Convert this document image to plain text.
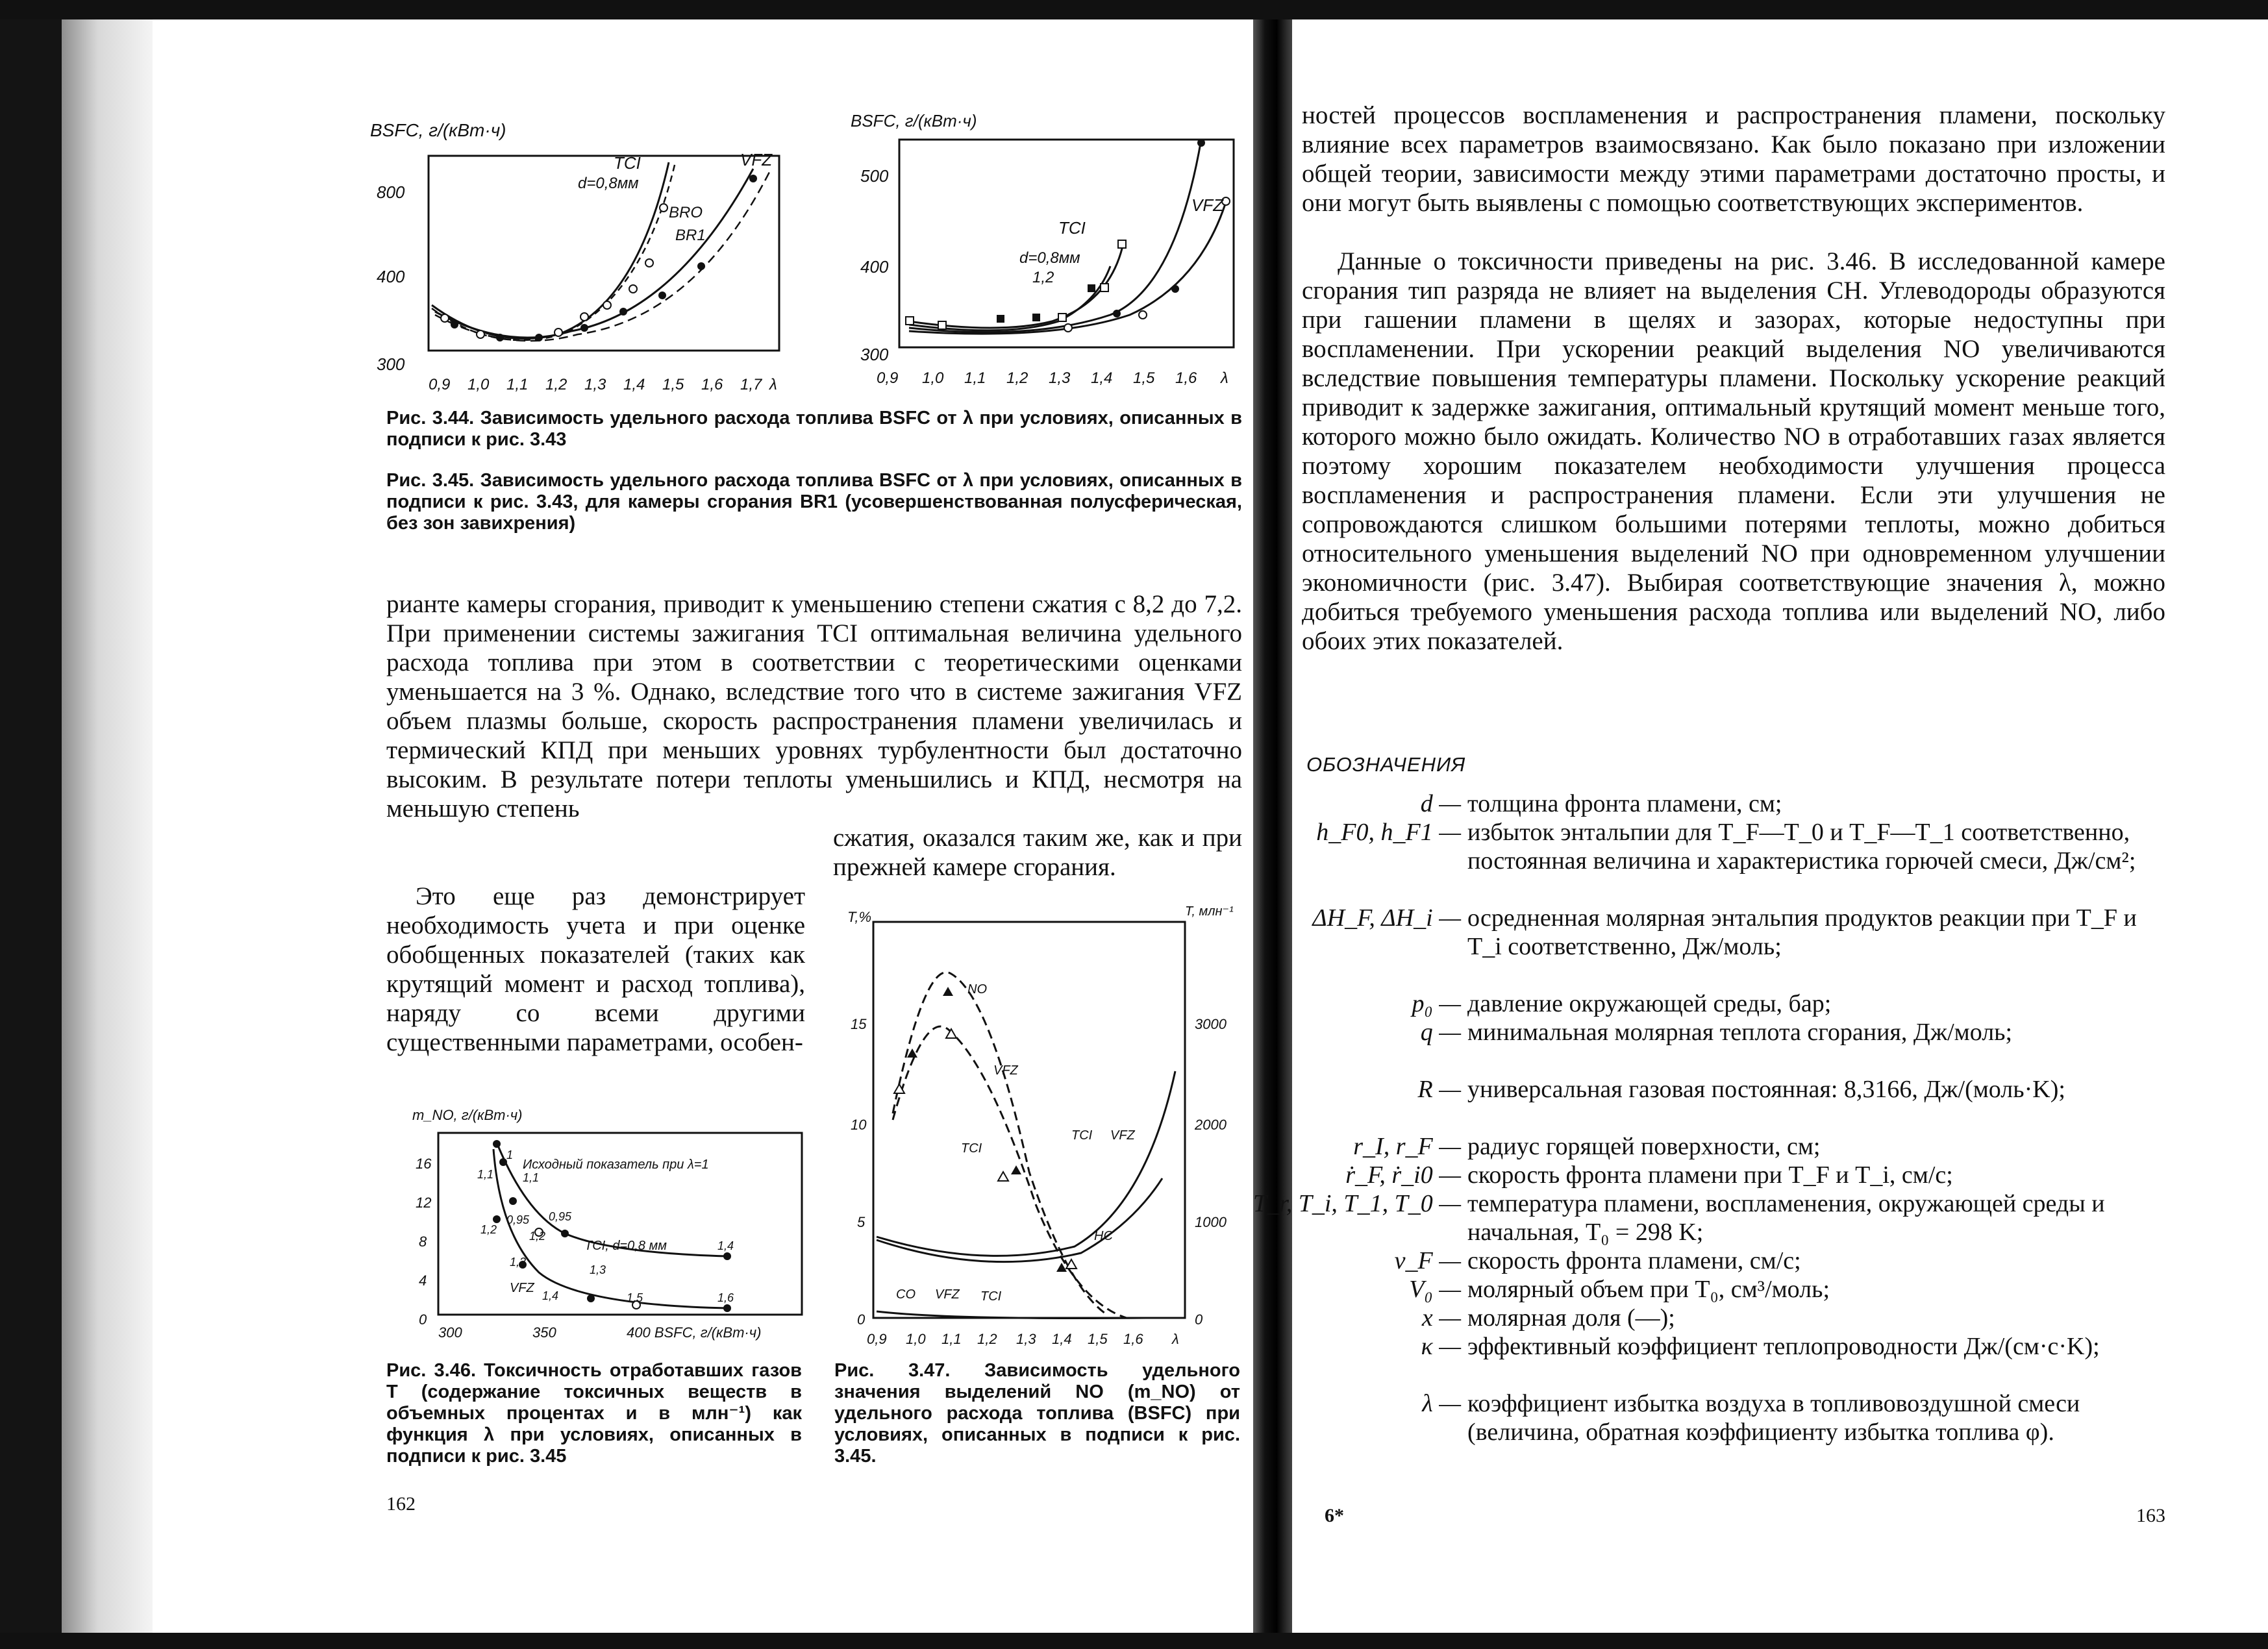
BSFC, г/(кВт·ч)
800
400
300
0,9 1,0 1,1 1,2 1,3 1,4 1,5 1,6 1,7 λ
TCI
d=0,8мм
VFZ
BRO
BR1
BSFC, г/(кВт·ч)
500
400
300
0,9 1,0 1,1 1,2 1,3 1,4 1,5 1,6 λ
TCI
d=0,8мм
1,2
VFZ

Рис. 3.44. Зависимость удельного расхода топлива BSFC от λ при условиях, описанных в подписи к рис. 3.43

Рис. 3.45. Зависимость удельного расхода топлива BSFC от λ при условиях, описанных в подписи к рис. 3.43, для камеры сгорания BR1 (усовершенствованная полусферическая, без зон завихрения)

рианте камеры сгорания, приводит к уменьшению степени сжатия с 8,2 до 7,2. При применении системы зажигания TCI оптимальная величина удельного расхода топлива при этом в соответствии с теоретическими оценками уменьшается на 3 %. Однако, вследствие того что в системе зажигания VFZ объем плазмы больше, скорость распространения пламени увеличилась и термический КПД при меньших уровнях турбулентности был достаточно высоким. В результате потери теплоты уменьшились и КПД, несмотря на меньшую степень
сжатия, оказался таким же, как и при прежней камере сгорания.
Это еще раз демонстрирует необходимость учета и при оценке обобщенных показателей (таких как крутящий момент и расход топлива), наряду со всеми другими существенными параметрами, особен-
m_NO, г/(кВт·ч)
16
12
8
4
0
300	350	400 BSFC, г/(кВт·ч)
Исходный показатель при λ=1
TCI, d=0,8 мм
VFZ
1,1 1,1
1,2
0,95 0,95
1,2
1,3
1,3
1,4
1,4
1,5	1,6
1
T,%	T, млн⁻¹
15
10
5
0
3000
2000
1000
0
0,9 1,0 1,1 1,2 1,3 1,4 1,5 1,6 λ
NO
VFZ
TCI
TCI VFZ
HC
CO VFZ TCI
Рис. 3.46. Токсичность отработавших газов T (содержание токсичных веществ в объемных процентах и в млн⁻¹) как функция λ при условиях, описанных в подписи к рис. 3.45
Рис. 3.47. Зависимость удельного значения выделений NO (m_NO) от удельного расхода топлива (BSFC) при условиях, описанных в подписи к рис. 3.45.
162
ностей процессов воспламенения и распространения пламени, поскольку влияние всех параметров взаимосвязано. Как было показано при изложении общей теории, зависимости между этими параметрами достаточно просты, и они могут быть выявлены с помощью соответствующих экспериментов.
Данные о токсичности приведены на рис. 3.46. В исследованной камере сгорания тип разряда не влияет на выделения CH. Углеводороды образуются при гашении пламени в щелях и зазорах, которые недоступны при воспламенении. При ускорении реакций выделения NO увеличиваются вследствие повышения температуры пламени. Поскольку ускорение реакций приводит к задержке зажигания, оптимальный крутящий момент меньше того, которого можно было ожидать. Количество NO в отработавших газах является поэтому хорошим показателем необходимости улучшения процесса воспламенения и распространения пламени. Если эти улучшения не сопровождаются слишком большими потерями теплоты, можно добиться относительного уменьшения выделений NO при одновременном улучшении экономичности (рис. 3.47). Выбирая соответствующие значения λ, можно добиться требуемого уменьшения расхода топлива или выделений NO, либо обоих этих показателей.
ОБОЗНАЧЕНИЯ
d — толщина фронта пламени, см;
h_F0, h_F1 — избыток энтальпии для T_F—T_0 и T_F—T_1 соответственно, постоянная величина и характеристика горючей смеси, Дж/см²;
ΔH_F, ΔH_i — осредненная молярная энтальпия продуктов реакции при T_F и T_i соответственно, Дж/моль;
p₀ — давление окружающей среды, бар;
q — минимальная молярная теплота сгорания, Дж/моль;
R — универсальная газовая постоянная: 8,3166, Дж/(моль·K);
r_I, r_F — радиус горящей поверхности, см;
ṙ_F, ṙ_i0 — скорость фронта пламени при T_F и T_i, см/с;
T_r, T_i, T_1, T_0 — температура пламени, воспламенения, окружающей среды и начальная, T₀ = 298 K;
v_F — скорость фронта пламени, см/с;
V₀ — молярный объем при T₀, см³/моль;
x — молярная доля (—);
κ — эффективный коэффициент теплопроводности Дж/(см·с·K);
λ — коэффициент избытка воздуха в топливовоздушной смеси (величина, обратная коэффициенту избытка топлива φ).
6*	163
